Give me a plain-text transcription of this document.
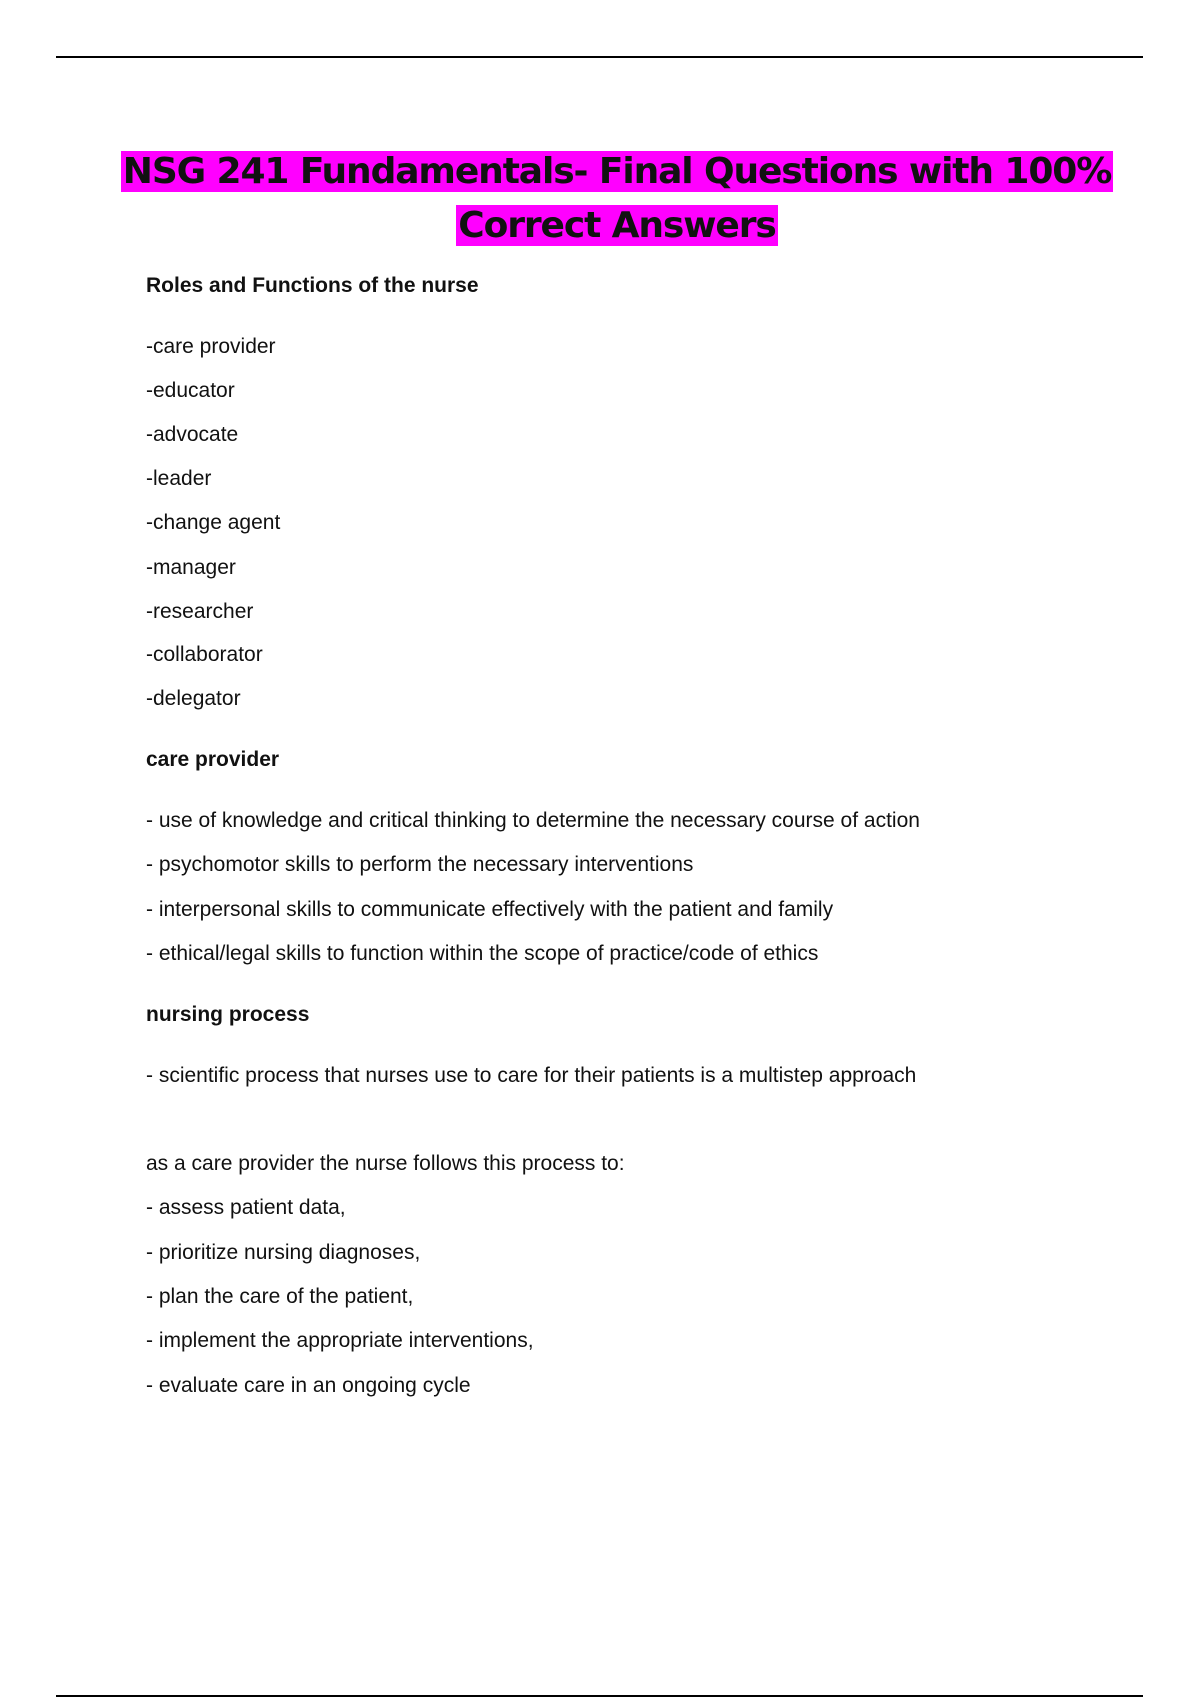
NSG 241 Fundamentals- Final Questions with 100%
Correct Answers
Roles and Functions of the nurse
-care provider
-educator
-advocate
-leader
-change agent
-manager
-researcher
-collaborator
-delegator
care provider
- use of knowledge and critical thinking to determine the necessary course of action
- psychomotor skills to perform the necessary interventions
- interpersonal skills to communicate effectively with the patient and family
- ethical/legal skills to function within the scope of practice/code of ethics
nursing process
- scientific process that nurses use to care for their patients is a multistep approach
as a care provider the nurse follows this process to:
- assess patient data,
- prioritize nursing diagnoses,
- plan the care of the patient,
- implement the appropriate interventions,
- evaluate care in an ongoing cycle
